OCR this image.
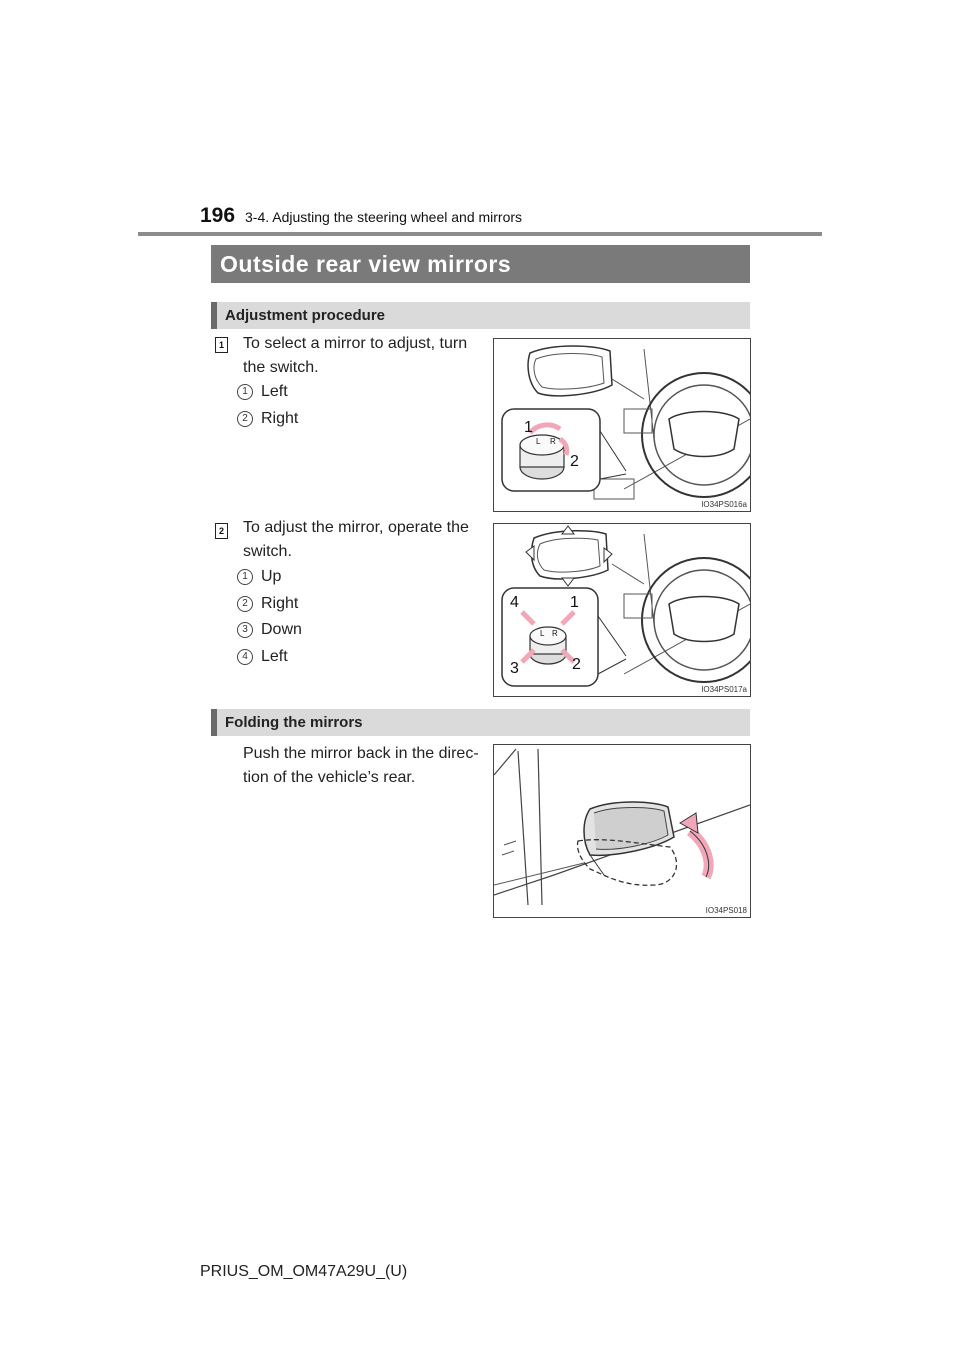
196 3-4. Adjusting the steering wheel and mirrors
Outside rear view mirrors
Adjustment procedure
1 To select a mirror to adjust, turn
the switch.
1 Left
2 Right
1
2
L R
IO34PS016a
2 To adjust the mirror, operate the
switch.
1 Up
2 Right
3 Down
4 Left
4	1
3	2
L R
IO34PS017a
Folding the mirrors
Push the mirror back in the direc-
tion of the vehicle’s rear.
IO34PS018
PRIUS_OM_OM47A29U_(U)
